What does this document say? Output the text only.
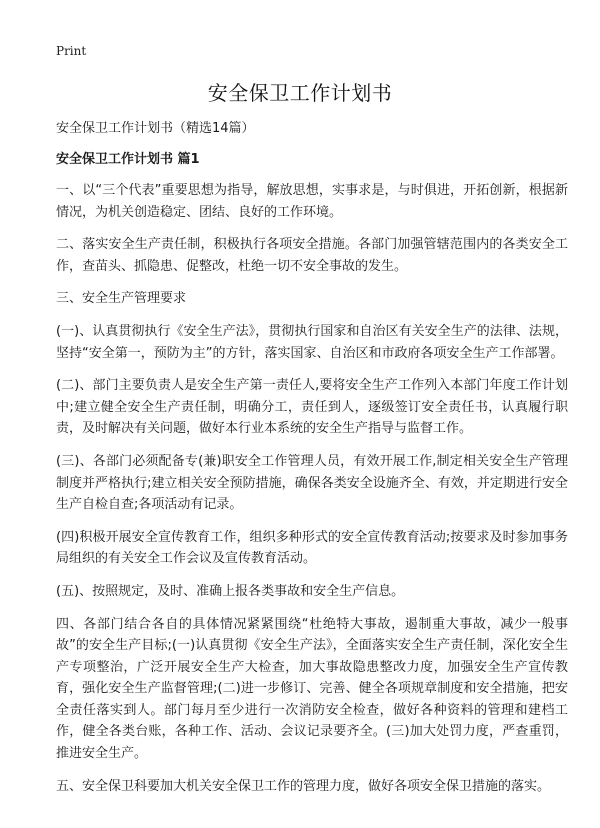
Print
安全保卫工作计划书
安全保卫工作计划书（精选14篇）
安全保卫工作计划书 篇1

一、以“三个代表”重要思想为指导，解放思想，实事求是，与时俱进，开拓创新，根据新情况，为机关创造稳定、团结、良好的工作环境。

二、落实安全生产责任制，积极执行各项安全措施。各部门加强管辖范围内的各类安全工作，查苗头、抓隐患、促整改，杜绝一切不安全事故的发生。

三、安全生产管理要求

(一)、认真贯彻执行《安全生产法》，贯彻执行国家和自治区有关安全生产的法律、法规，坚持“安全第一，预防为主”的方针，落实国家、自治区和市政府各项安全生产工作部署。

(二)、部门主要负责人是安全生产第一责任人,要将安全生产工作列入本部门年度工作计划中;建立健全安全生产责任制，明确分工，责任到人，逐级签订安全责任书，认真履行职责，及时解决有关问题，做好本行业本系统的安全生产指导与监督工作。

(三)、各部门必须配备专(兼)职安全工作管理人员，有效开展工作,制定相关安全生产管理制度并严格执行;建立相关安全预防措施，确保各类安全设施齐全、有效，并定期进行安全生产自检自查;各项活动有记录。

(四)积极开展安全宣传教育工作，组织多种形式的安全宣传教育活动;按要求及时参加事务局组织的有关安全工作会议及宣传教育活动。

(五)、按照规定，及时、准确上报各类事故和安全生产信息。

四、各部门结合各自的具体情况紧紧围绕“杜绝特大事故，遏制重大事故，减少一般事故”的安全生产目标;(一)认真贯彻《安全生产法》，全面落实安全生产责任制，深化安全生产专项整治，广泛开展安全生产大检查，加大事故隐患整改力度，加强安全生产宣传教育，强化安全生产监督管理;(二)进一步修订、完善、健全各项规章制度和安全措施，把安全责任落实到人。部门每月至少进行一次消防安全检查，做好各种资料的管理和建档工作，健全各类台账，各种工作、活动、会议记录要齐全。(三)加大处罚力度，严查重罚，推进安全生产。

五、安全保卫科要加大机关安全保卫工作的管理力度，做好各项安全保卫措施的落实。
